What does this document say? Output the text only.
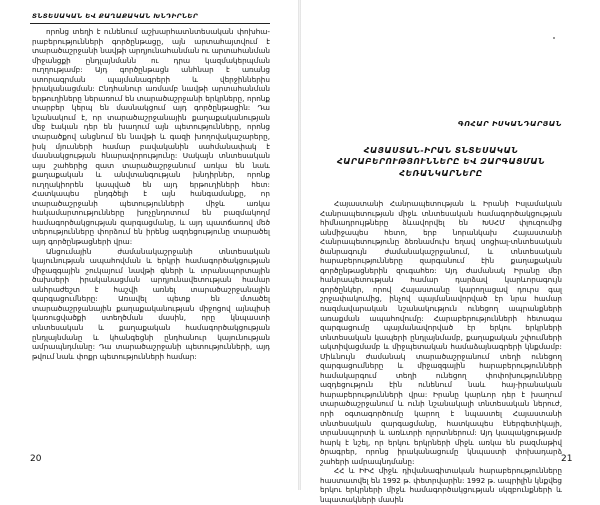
ՏՆՏԵՍԱԿԱՆ ԵՎ ՔԱՂԱՔԱԿԱՆ ԽՆԴԻՐՆԵՐ

որոնց տեղի է ունենում աշխարհատնտեսական փոխհարաբերությունների գործընթացը, այն արտահայտվում է տարածաշրջանի նավթի արդյունահանման ու արտահանման միջանցքի ընդլայնմանն ու դրա կազմակերպման ուղղությամբ: Այդ գործընթացն անհնար է առանց ստորագրման պայմանագրերի և վերջիններիս իրականացման: Ընդհանուր առմամբ նավթի արտահանման երթուղիները ներառում են տարածաշրջանի երկրները, որոնք տարբեր կերպ են մասնակցում այդ գործընթացին: Դա նշանակում է, որ տարածաշրջանային քաղաքականության մեջ էական դեր են խաղում այն պետությունները, որոնց տարածքով անցնում են նավթի և գազի խողովակաշարերը, իսկ մյուսների համար բավականին սահմանափակ է մասնակցության հնարավորությունը: Սակայն տնտեսական այս շահերից զատ տարածաշրջանում առկա են նաև քաղաքական և անվտանգության խնդիրներ, որոնք ուղղակիորեն կապված են այդ երթուղիների հետ: Հատկապես ընդգծելի է այն հանգամանքը, որ տարածաշրջանի պետությունների միջև առկա հակամարտությունները խոչընդոտում են բազմակողմ համագործակցության զարգացմանը, և այդ պատճառով մեծ տերությունները փորձում են իրենց ազդեցությունը տարածել այդ գործընթացների վրա:

Անցումային ժամանակաշրջանի տնտեսական կայունության ապահովման և երկրի համագործակցության միջազգային շուկայում նավթի գների և տրանսպորտային ծախսերի իրականացման արդյունավետության համար անհրաժեշտ է հաշվի առնել տարածաշրջանային զարգացումները: Առավել պետք են մտածել տարածաշրջանային քաղաքականության միջոցով այնպիսի կառուցվածքի ստեղծման մասին, որը կնպաստի տնտեսական և քաղաքական համագործակցության ընդլայնմանը և կհանգեցնի ընդհանուր կայունության ամրապնդմանը: Դա տարածաշրջանի պետությունների, այդ թվում նաև փոքր պետությունների համար:

20
ԳՈՀԱՐ ԻՍԿԱՆԴԱՐՅԱՆ
ՀԱՅԱՍՏԱՆ-ԻՐԱՆ ՏՆՏԵՍԱԿԱՆ
ՀԱՐԱԲԵՐՈՒԹՅՈՒՆՆԵՐԸ ԵՎ ԶԱՐԳԱՑՄԱՆ
ՀԵՌԱՆԿԱՐՆԵՐԸ

Հայաստանի Հանրապետության և Իրանի Իսլամական Հանրապետության միջև տնտեսական համագործակցության հիմնադրույթները ձևավորվել են ԽՍՀՄ փլուզումից անմիջապես հետո, երբ նորանկախ Հայաստանի Հանրապետությունը ձեռնամուխ եղավ սոցիալ-տնտեսական ծանրագույն ժամանակաշրջանում, և տնտեսական հարաբերությունները զարգանում էին քաղաքական գործընթացներին զուգահեռ: Այդ ժամանակ Իրանը մեր հանրապետության համար դարձավ կարևորագույն գործընկեր, որով Հայաստանը կարողացավ դուրս գալ շրջափակումից, ինչով պայմանավորված էր նրա համար ռազմավարական նշանակություն ունեցող ապրանքների առաքման ապահովումը: Հարաբերությունների հետագա զարգացումը պայմանավորված էր երկու երկրների տնտեսական կապերի ընդլայնմամբ, քաղաքական շփումների ակտիվացմամբ և միջպետական համաձայնագրերի կնքմամբ: Միևնույն ժամանակ տարածաշրջանում տեղի ունեցող զարգացումները և միջազգային հարաբերությունների համակարգում տեղի ունեցող փոփոխությունները ազդեցություն էին ունենում նաև հայ-իրանական հարաբերությունների վրա: Իրանը կարևոր դեր է խաղում տարածաշրջանում և ունի նշանակալի տնտեսական ներուժ, որի օգտագործումը կարող է նպաստել Հայաստանի տնտեսական զարգացմանը, հատկապես էներգետիկայի, տրանսպորտի և առևտրի ոլորտներում: Այդ կապակցությամբ հարկ է նշել, որ երկու երկրների միջև առկա են բազմաթիվ ծրագրեր, որոնց իրականացումը կնպաստի փոխադարձ շահերի ամրապնդմանը:

ՀՀ և ԻԻՀ միջև դիվանագիտական հարաբերությունները հաստատվել են 1992 թ. փետրվարին: 1992 թ. ապրիլին կնքվեց երկու երկրների միջև համագործակցության սկզբունքների և նպատակների մասին

21
